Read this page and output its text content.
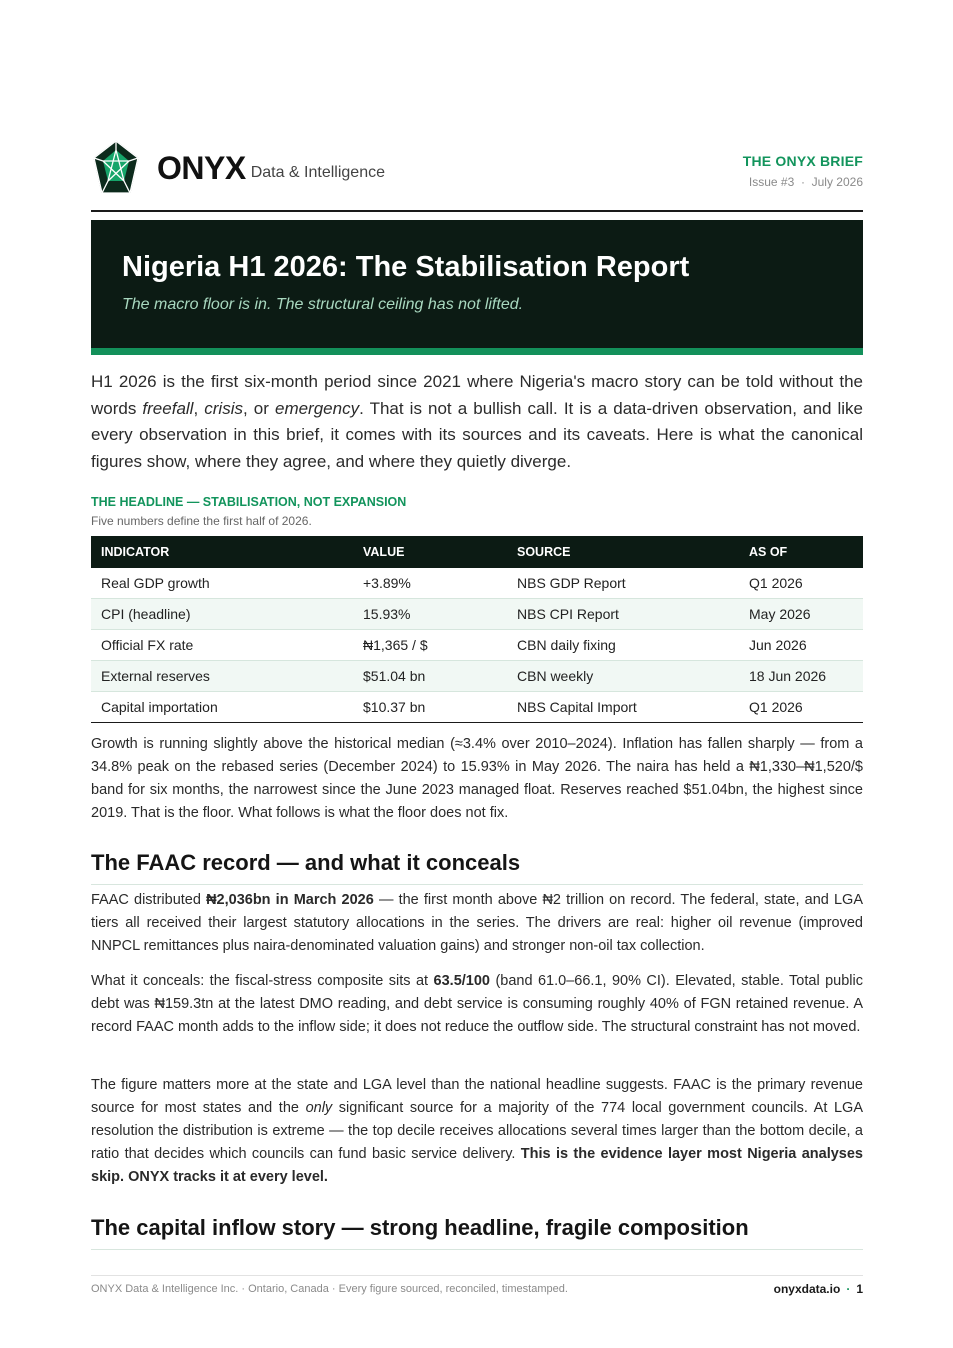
ONYX Data & Intelligence
THE ONYX BRIEF
Issue #3  ·  July 2026
Nigeria H1 2026: The Stabilisation Report
The macro floor is in. The structural ceiling has not lifted.

H1 2026 is the first six-month period since 2021 where Nigeria's macro story can be told without the words freefall, crisis, or emergency. That is not a bullish call. It is a data-driven observation, and like every observation in this brief, it comes with its sources and its caveats. Here is what the canonical figures show, where they agree, and where they quietly diverge.

THE HEADLINE — STABILISATION, NOT EXPANSION
Five numbers define the first half of 2026.
INDICATOR	VALUE	SOURCE	AS OF
Real GDP growth	+3.89%	NBS GDP Report	Q1 2026
CPI (headline)	15.93%	NBS CPI Report	May 2026
Official FX rate	₦1,365 / $	CBN daily fixing	Jun 2026
External reserves	$51.04 bn	CBN weekly	18 Jun 2026
Capital importation	$10.37 bn	NBS Capital Import	Q1 2026

Growth is running slightly above the historical median (≈3.4% over 2010–2024). Inflation has fallen sharply — from a 34.8% peak on the rebased series (December 2024) to 15.93% in May 2026. The naira has held a ₦1,330–₦1,520/$ band for six months, the narrowest since the June 2023 managed float. Reserves reached $51.04bn, the highest since 2019. That is the floor. What follows is what the floor does not fix.

The FAAC record — and what it conceals

FAAC distributed ₦2,036bn in March 2026 — the first month above ₦2 trillion on record. The federal, state, and LGA tiers all received their largest statutory allocations in the series. The drivers are real: higher oil revenue (improved NNPCL remittances plus naira-denominated valuation gains) and stronger non-oil tax collection.

What it conceals: the fiscal-stress composite sits at 63.5/100 (band 61.0–66.1, 90% CI). Elevated, stable. Total public debt was ₦159.3tn at the latest DMO reading, and debt service is consuming roughly 40% of FGN retained revenue. A record FAAC month adds to the inflow side; it does not reduce the outflow side. The structural constraint has not moved.

The figure matters more at the state and LGA level than the national headline suggests. FAAC is the primary revenue source for most states and the only significant source for a majority of the 774 local government councils. At LGA resolution the distribution is extreme — the top decile receives allocations several times larger than the bottom decile, a ratio that decides which councils can fund basic service delivery. This is the evidence layer most Nigeria analyses skip. ONYX tracks it at every level.

The capital inflow story — strong headline, fragile composition
ONYX Data & Intelligence Inc. · Ontario, Canada · Every figure sourced, reconciled, timestamped.	onyxdata.io · 1
